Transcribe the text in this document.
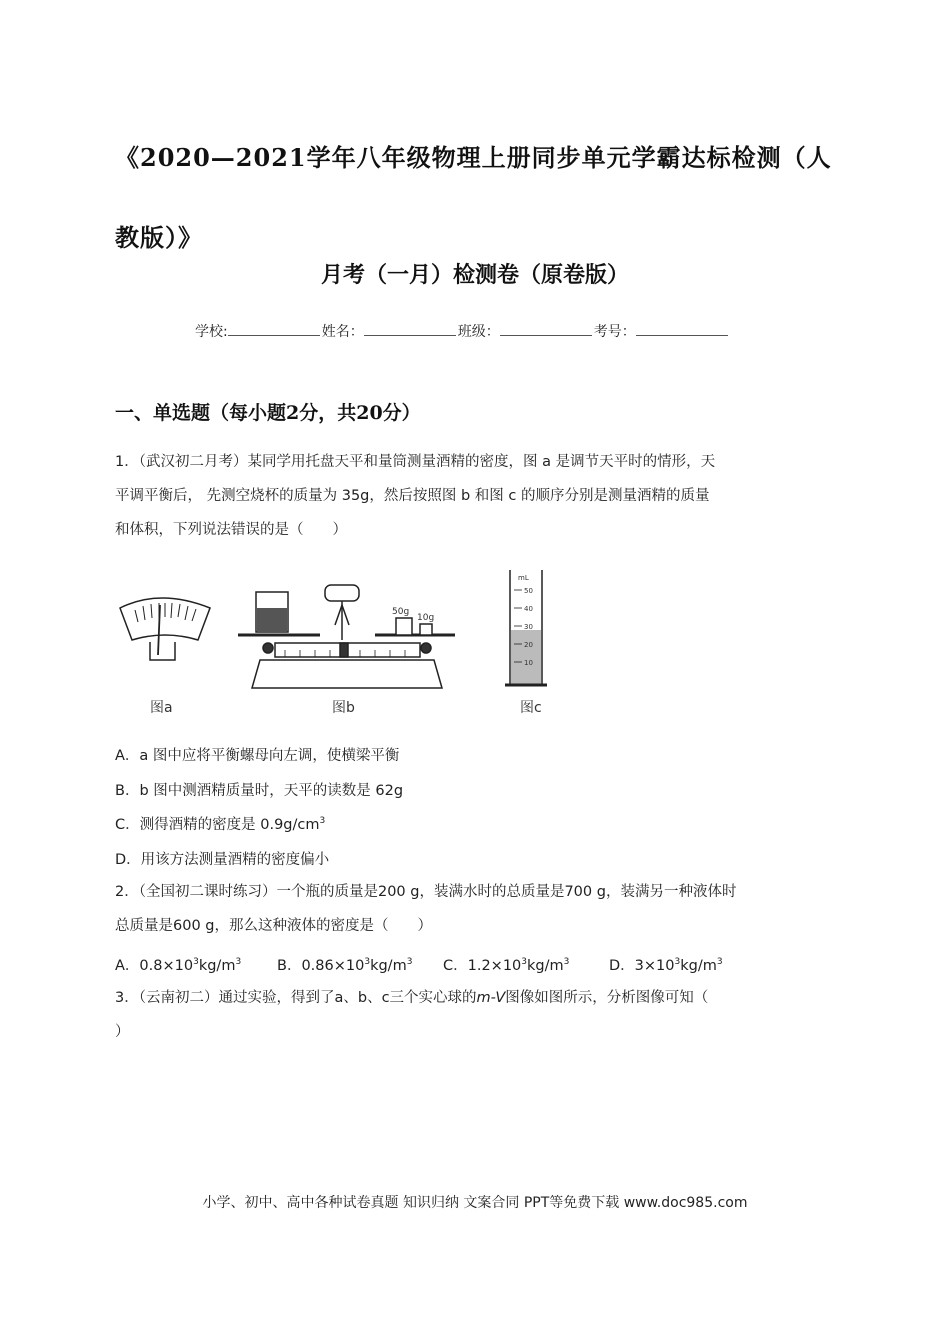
《2020—2021学年八年级物理上册同步单元学霸达标检测（人教版）》
月考（一月）检测卷（原卷版）
学校:	姓名：	班级：	考号：
一、单选题（每小题2分，共20分）
1．（武汉初二月考）某同学用托盘天平和量筒测量酒精的密度，图 a 是调节天平时的情形，天
平调平衡后， 先测空烧杯的质量为 35g，然后按照图 b 和图 c 的顺序分别是测量酒精的质量
和体积，下列说法错误的是（　　）
图a
50g
10g
图b
mL
50
40
30
20
10
图c
A．a 图中应将平衡螺母向左调，使横梁平衡
B．b 图中测酒精质量时，天平的读数是 62g
C．测得酒精的密度是 $0.9g/cm^3$
D．用该方法测量酒精的密度偏小
2．（全国初二课时练习）一个瓶的质量是200 g，装满水时的总质量是700 g，装满另一种液体时
总质量是600 g，那么这种液体的密度是（　　）
A．$0.8\times 10^3kg/m^3$ B．$0.86\times 10^3kg/m^3$ C．$1.2\times 10^3kg/m^3$	D．$3\times 10^3kg/m^3$
3．（云南初二）通过实验，得到了a、b、c三个实心球的m-V图像如图所示，分析图像可知（
）
小学、初中、高中各种试卷真题 知识归纳 文案合同 PPT等免费下载 www.doc985.com
